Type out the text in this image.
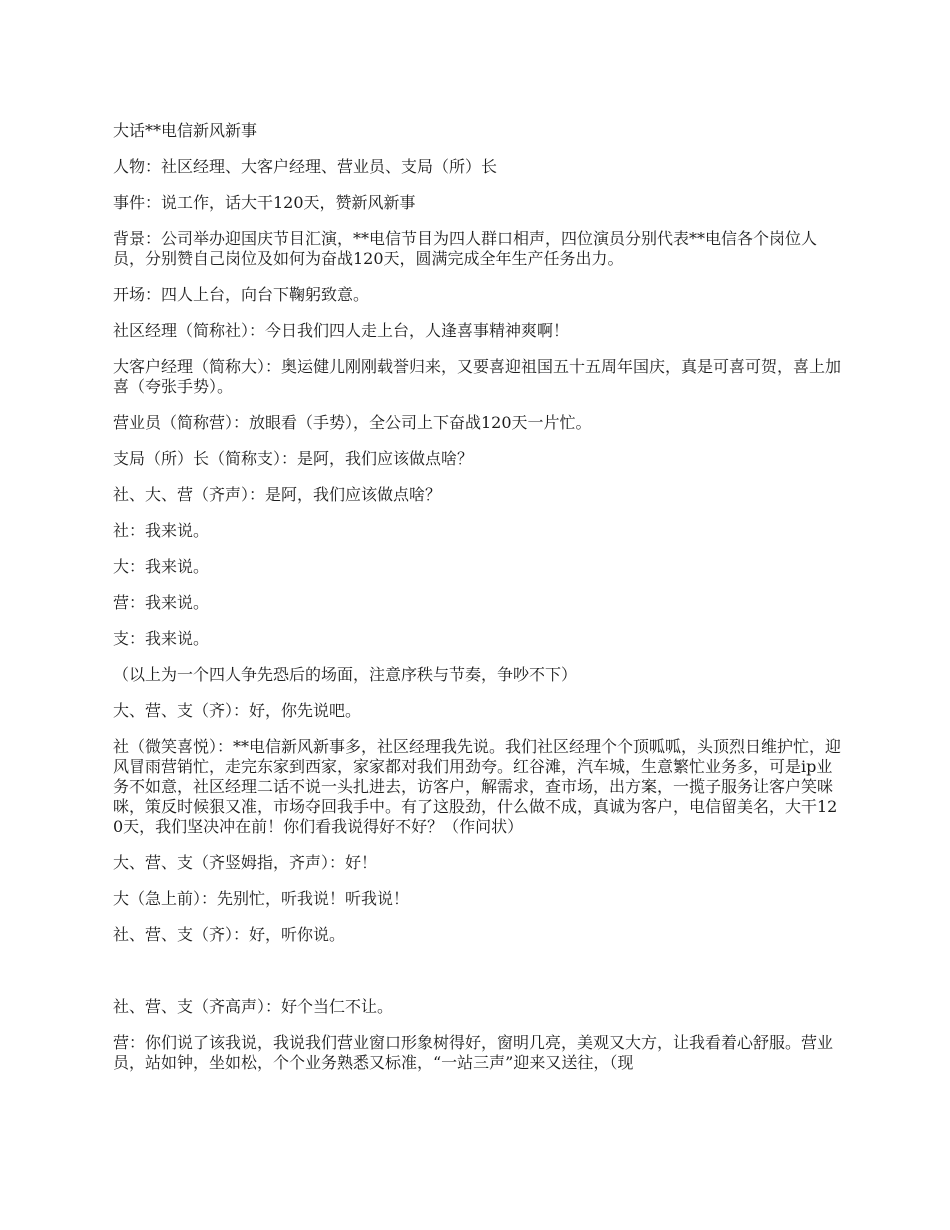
大话**电信新风新事

人物：社区经理、大客户经理、营业员、支局（所）长

事件：说工作，话大干120天，赞新风新事

背景：公司举办迎国庆节目汇演，**电信节目为四人群口相声，四位演员分别代表**电信各个岗位人员，分别赞自己岗位及如何为奋战120天，圆满完成全年生产任务出力。

开场：四人上台，向台下鞠躬致意。

社区经理（简称社）：今日我们四人走上台，人逢喜事精神爽啊！

大客户经理（简称大）：奥运健儿刚刚载誉归来，又要喜迎祖国五十五周年国庆，真是可喜可贺，喜上加喜（夸张手势）。

营业员（简称营）：放眼看（手势），全公司上下奋战120天一片忙。

支局（所）长（简称支）：是阿，我们应该做点啥？

社、大、营（齐声）：是阿，我们应该做点啥？

社：我来说。

大：我来说。

营：我来说。

支：我来说。

（以上为一个四人争先恐后的场面，注意序秩与节奏，争吵不下）

大、营、支（齐）：好，你先说吧。

社（微笑喜悦）：**电信新风新事多，社区经理我先说。我们社区经理个个顶呱呱，头顶烈日维护忙，迎风冒雨营销忙，走完东家到西家，家家都对我们用劲夸。红谷滩，汽车城，生意繁忙业务多，可是ip业务不如意，社区经理二话不说一头扎进去，访客户，解需求，查市场，出方案，一揽子服务让客户笑咪咪，策反时候狠又准，市场夺回我手中。有了这股劲，什么做不成，真诚为客户，电信留美名，大干120天，我们坚决冲在前！你们看我说得好不好？（作问状）

大、营、支（齐竖姆指，齐声）：好！

大（急上前）：先别忙，听我说！听我说！

社、营、支（齐）：好，听你说。

社、营、支（齐高声）：好个当仁不让。

营：你们说了该我说，我说我们营业窗口形象树得好，窗明几亮，美观又大方，让我看着心舒服。营业员，站如钟，坐如松，个个业务熟悉又标准，“一站三声”迎来又送往，（现
